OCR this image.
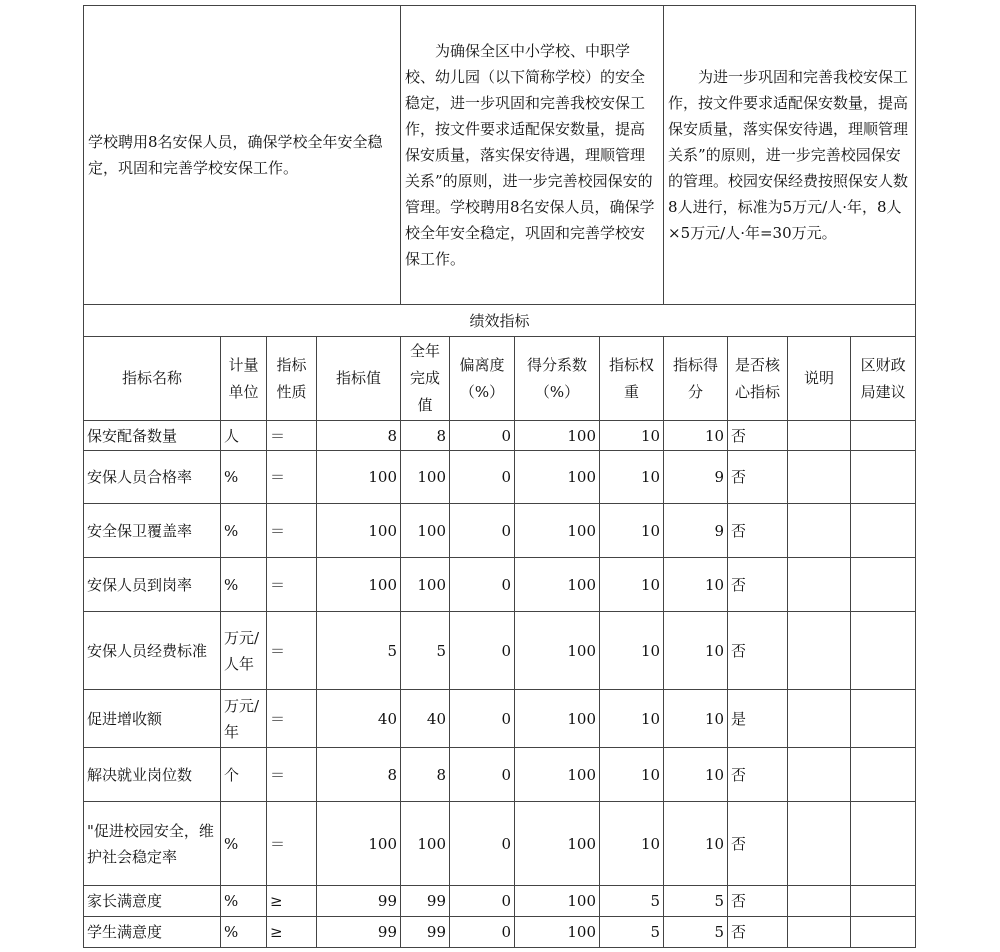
学校聘用8名安保人员，确保学校全年安全稳定，巩固和完善学校安保工作。				为确保全区中小学校、中职学校、幼儿园（以下简称学校）的安全稳定，进一步巩固和完善我校安保工作，按文件要求适配保安数量，提高保安质量，落实保安待遇，理顺管理关系”的原则，进一步完善校园保安的管理。学校聘用8名安保人员，确保学校全年安全稳定，巩固和完善学校安保工作。				为进一步巩固和完善我校安保工作，按文件要求适配保安数量，提高保安质量，落实保安待遇，理顺管理关系”的原则，进一步完善校园保安的管理。校园安保经费按照保安人数8人进行，标准为5万元/人·年，8人×5万元/人·年=30万元。			
绩效指标											
指标名称	计量单位	指标性质	指标值	全年完成值	偏离度（%）	得分系数（%）	指标权重	指标得分	是否核心指标	说明	区财政局建议
保安配备数量	人	＝	8	8	0	100	10	10	否		
安保人员合格率	%	＝	100	100	0	100	10	9	否		
安全保卫覆盖率	%	＝	100	100	0	100	10	9	否		
安保人员到岗率	%	＝	100	100	0	100	10	10	否		
安保人员经费标准	万元/人年	＝	5	5	0	100	10	10	否		
促进增收额	万元/年	＝	40	40	0	100	10	10	是		
解决就业岗位数	个	＝	8	8	0	100	10	10	否		
"促进校园安全，维护社会稳定率	%	＝	100	100	0	100	10	10	否		
家长满意度	%	≥	99	99	0	100	5	5	否		
学生满意度	%	≥	99	99	0	100	5	5	否		
